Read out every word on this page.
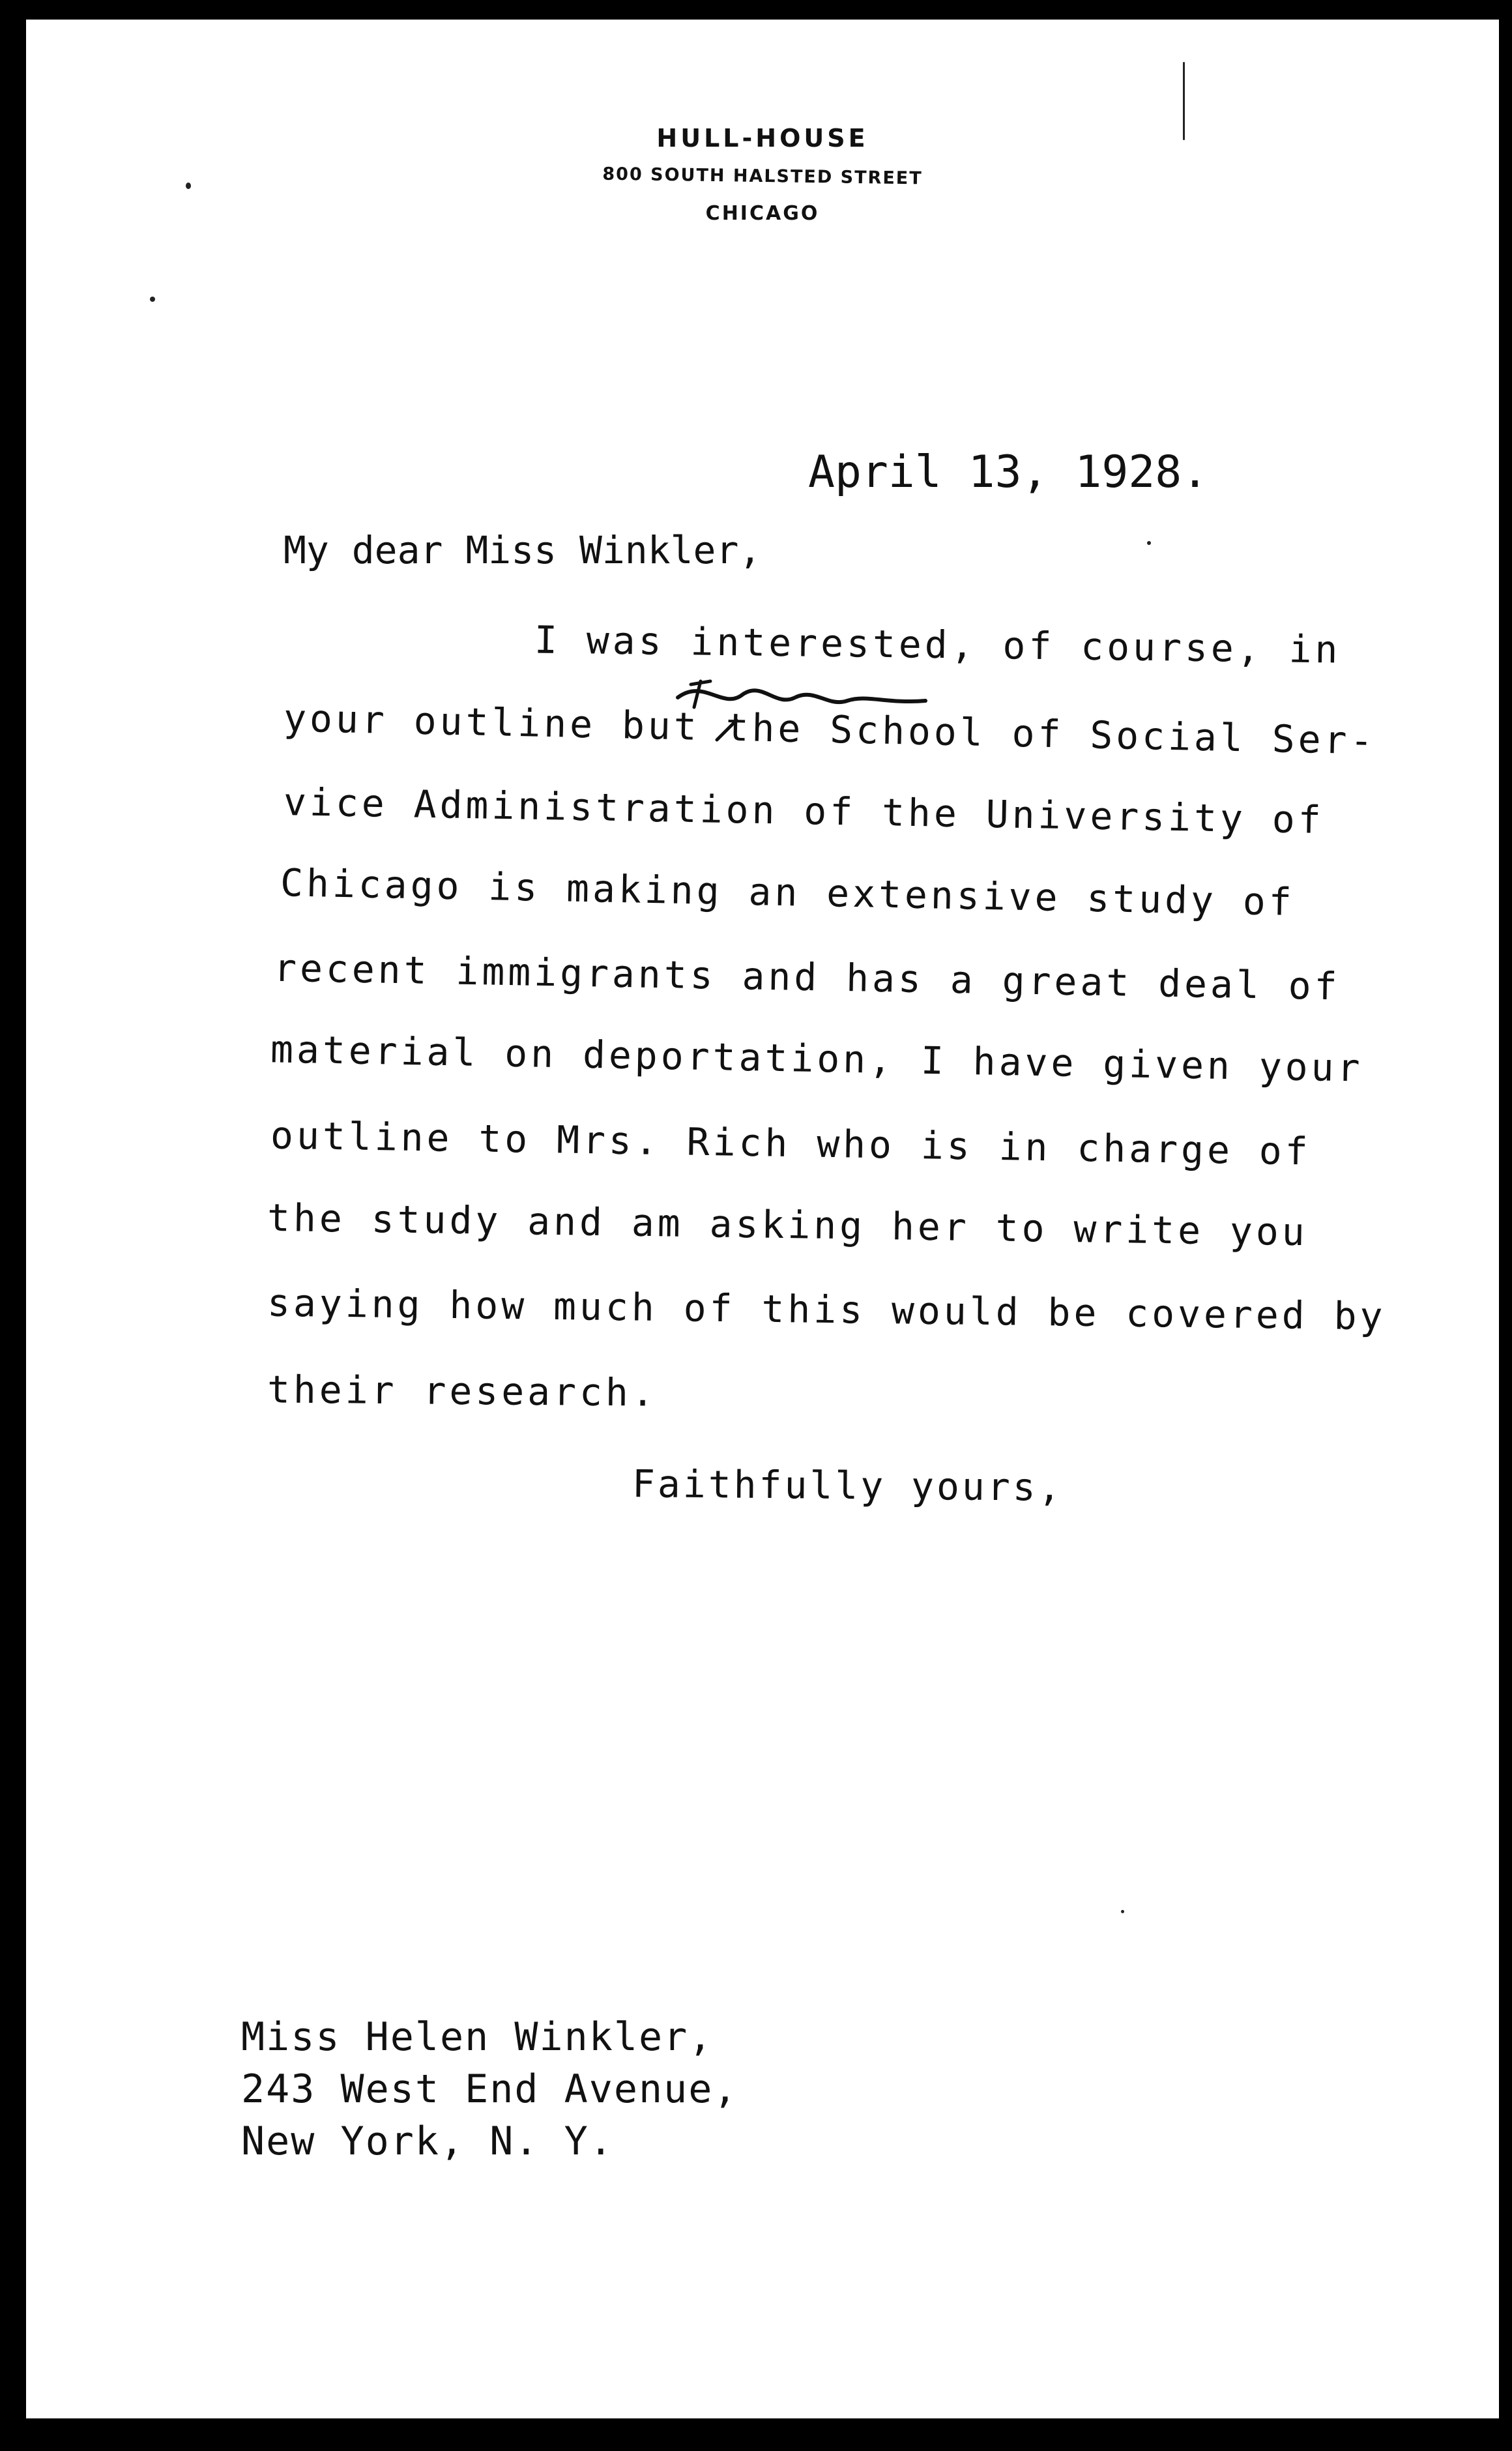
HULL-HOUSE
800 SOUTH HALSTED STREET
CHICAGO
April 13, 1928.
My dear Miss Winkler,
I was interested, of course, in
your outline but the School of Social Ser-
vice Administration of the University of
Chicago is making an extensive study of
recent immigrants and has a great deal of
material on deportation, I have given your
outline to Mrs. Rich who is in charge of
the study and am asking her to write you
saying how much of this would be covered by
their research.
Faithfully yours,
Miss Helen Winkler,
243 West End Avenue,
New York, N. Y.
